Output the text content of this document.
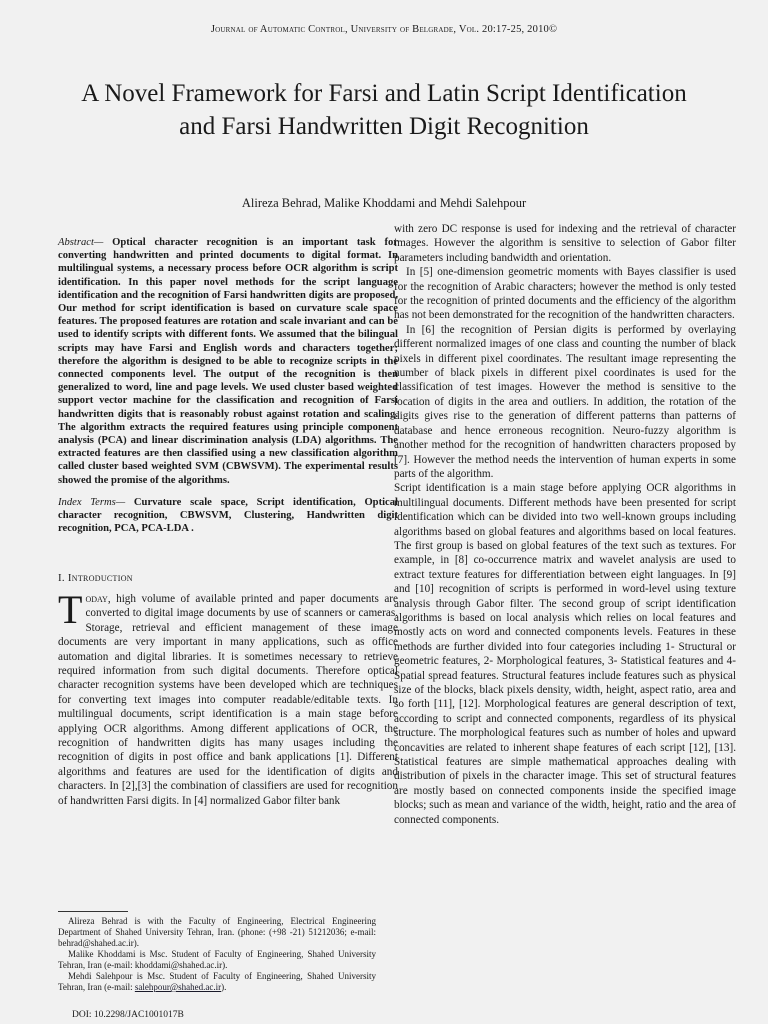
Journal of Automatic Control, University of Belgrade, Vol. 20:17-25, 2010©
A Novel Framework for Farsi and Latin Script Identification and Farsi Handwritten Digit Recognition
Alireza Behrad, Malike Khoddami and Mehdi Salehpour

Abstract— Optical character recognition is an important task for converting handwritten and printed documents to digital format. In multilingual systems, a necessary process before OCR algorithm is script identification. In this paper novel methods for the script language identification and the recognition of Farsi handwritten digits are proposed. Our method for script identification is based on curvature scale space features. The proposed features are rotation and scale invariant and can be used to identify scripts with different fonts. We assumed that the bilingual scripts may have Farsi and English words and characters together; therefore the algorithm is designed to be able to recognize scripts in the connected components level. The output of the recognition is then generalized to word, line and page levels. We used cluster based weighted support vector machine for the classification and recognition of Farsi handwritten digits that is reasonably robust against rotation and scaling. The algorithm extracts the required features using principle component analysis (PCA) and linear discrimination analysis (LDA) algorithms. The extracted features are then classified using a new classification algorithm called cluster based weighted SVM (CBWSVM). The experimental results showed the promise of the algorithms.

Index Terms— Curvature scale space, Script identification, Optical character recognition, CBWSVM, Clustering, Handwritten digit recognition, PCA, PCA-LDA .

I. Introduction

Today, high volume of available printed and paper documents are converted to digital image documents by use of scanners or cameras. Storage, retrieval and efficient management of these image documents are very important in many applications, such as office automation and digital libraries. It is sometimes necessary to retrieve required information from such digital documents. Therefore optical character recognition systems have been developed which are techniques for converting text images into computer readable/editable texts. In multilingual documents, script identification is a main stage before applying OCR algorithms. Among different applications of OCR, the recognition of handwritten digits has many usages including the recognition of digits in post office and bank applications [1]. Different algorithms and features are used for the identification of digits and characters. In [2],[3] the combination of classifiers are used for recognition of handwritten Farsi digits. In [4] normalized Gabor filter bank

with zero DC response is used for indexing and the retrieval of character images. However the algorithm is sensitive to selection of Gabor filter parameters including bandwidth and orientation.

In [5] one-dimension geometric moments with Bayes classifier is used for the recognition of Arabic characters; however the method is only tested for the recognition of printed documents and the efficiency of the algorithm has not been demonstrated for the recognition of the handwritten characters.

In [6] the recognition of Persian digits is performed by overlaying different normalized images of one class and counting the number of black pixels in different pixel coordinates. The resultant image representing the number of black pixels in different pixel coordinates is used for the classification of test images. However the method is sensitive to the location of digits in the area and outliers. In addition, the rotation of the digits gives rise to the generation of different patterns than patterns of database and hence erroneous recognition. Neuro-fuzzy algorithm is another method for the recognition of handwritten characters proposed by [7]. However the method needs the intervention of human experts in some parts of the algorithm.

Script identification is a main stage before applying OCR algorithms in multilingual documents. Different methods have been presented for script identification which can be divided into two well-known groups including algorithms based on global features and algorithms based on local features. The first group is based on global features of the text such as textures. For example, in [8] co-occurrence matrix and wavelet analysis are used to extract texture features for differentiation between eight languages. In [9] and [10] recognition of scripts is performed in word-level using texture analysis through Gabor filter. The second group of script identification algorithms is based on local analysis which relies on local features and mostly acts on word and connected components levels. Features in these methods are further divided into four categories including 1- Structural or geometric features, 2- Morphological features, 3- Statistical features and 4- Spatial spread features. Structural features include features such as physical size of the blocks, black pixels density, width, height, aspect ratio, area and so forth [11], [12]. Morphological features are general description of text, according to script and connected components, regardless of its physical structure. The morphological features such as number of holes and upward concavities are related to inherent shape features of each script [12], [13]. Statistical features are simple mathematical approaches dealing with distribution of pixels in the character image. This set of structural features are mostly based on connected components inside the specified image blocks; such as mean and variance of the width, height, ratio and the area of connected components.

Alireza Behrad is with the Faculty of Engineering, Electrical Engineering Department of Shahed University Tehran, Iran. (phone: (+98 -21) 51212036; e-mail: behrad@shahed.ac.ir).

Malike Khoddami is Msc. Student of Faculty of Engineering, Shahed University Tehran, Iran (e-mail: khoddami@shahed.ac.ir).

Mehdi Salehpour is Msc. Student of Faculty of Engineering, Shahed University Tehran, Iran (e-mail: salehpour@shahed.ac.ir).

DOI: 10.2298/JAC1001017B
